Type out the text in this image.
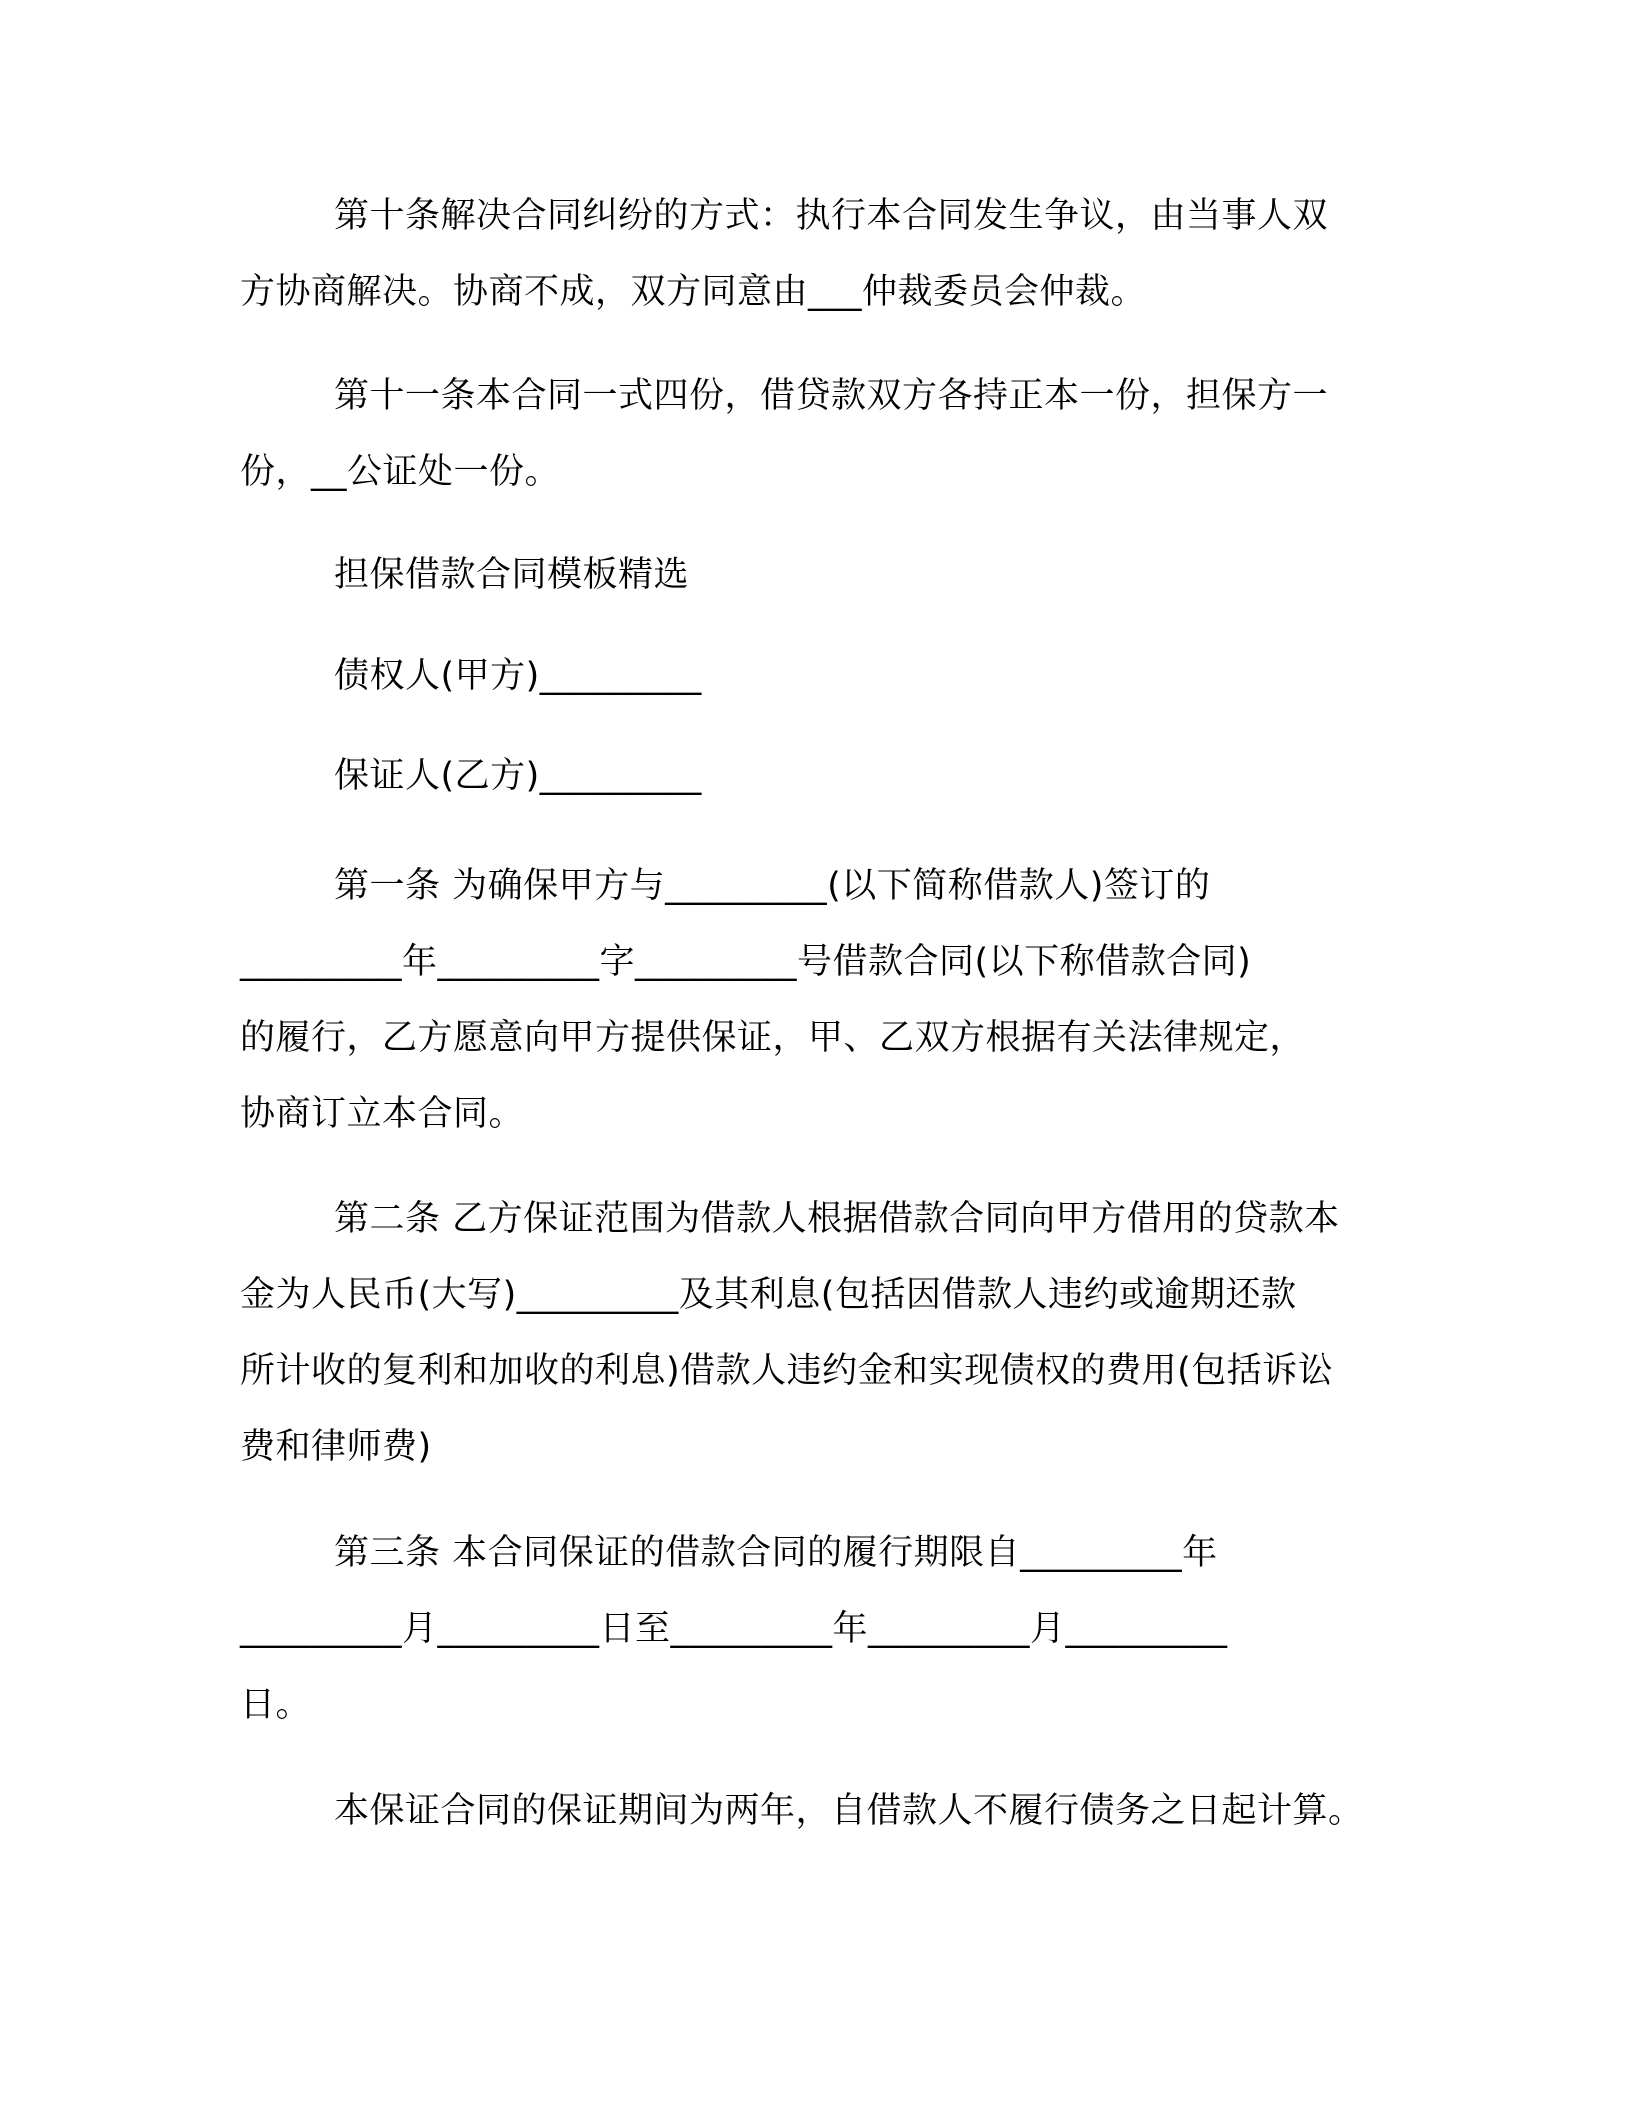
第十条解决合同纠纷的方式：执行本合同发生争议，由当事人双
方协商解决。协商不成，双方同意由___仲裁委员会仲裁。
第十一条本合同一式四份，借贷款双方各持正本一份，担保方一
份，__公证处一份。
担保借款合同模板精选
债权人(甲方)_________
保证人(乙方)_________
第一条 为确保甲方与_________(以下简称借款人)签订的
_________年_________字_________号借款合同(以下称借款合同)
的履行，乙方愿意向甲方提供保证，甲、乙双方根据有关法律规定，
协商订立本合同。
第二条 乙方保证范围为借款人根据借款合同向甲方借用的贷款本
金为人民币(大写)_________及其利息(包括因借款人违约或逾期还款
所计收的复利和加收的利息)借款人违约金和实现债权的费用(包括诉讼
费和律师费)
第三条 本合同保证的借款合同的履行期限自_________年
_________月_________日至_________年_________月_________
日。
本保证合同的保证期间为两年，自借款人不履行债务之日起计算。
